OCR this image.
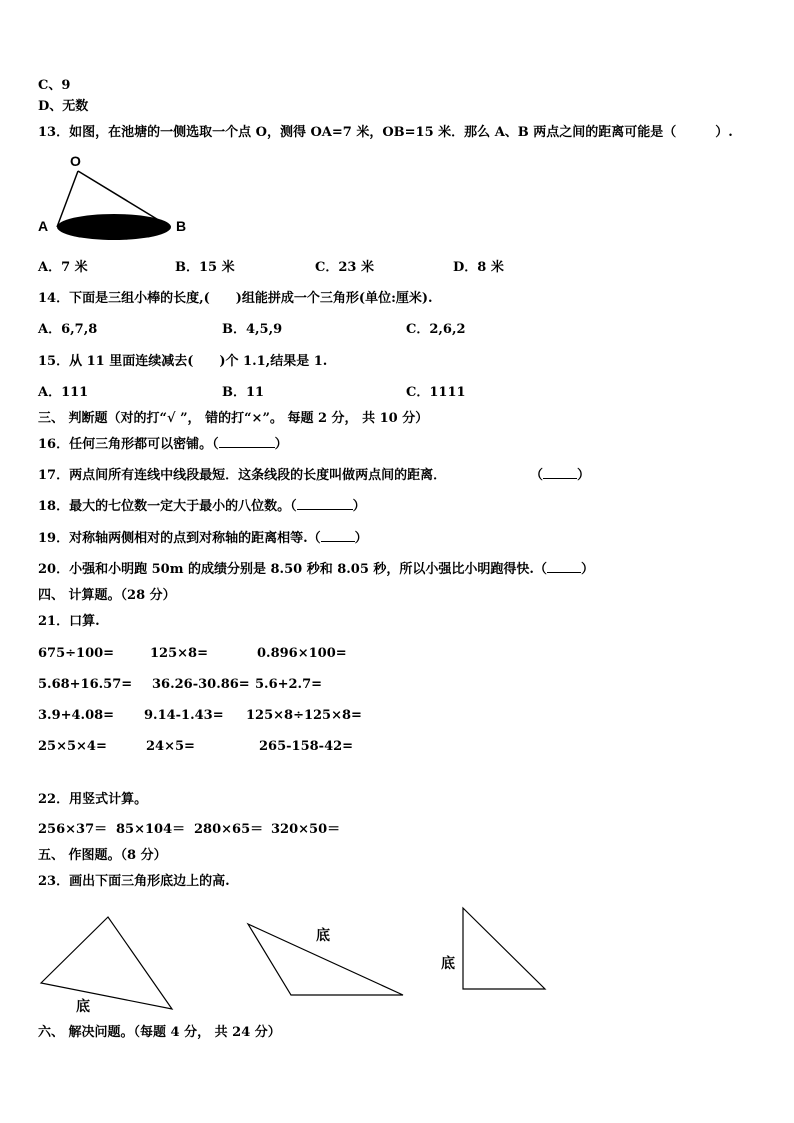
C、9
D、无数
13．如图，在池塘的一侧选取一个点 O，测得 OA=7 米，OB=15 米．那么 A、B 两点之间的距离可能是（　　　）.
O
A	B
A．7 米	B．15 米	C．23 米	D．8 米
14．下面是三组小棒的长度,(　　)组能拼成一个三角形(单位:厘米).
A．6,7,8	B．4,5,9	C．2,6,2
15．从 11 里面连续减去(　　)个 1.1,结果是 1.
A．111	B．11	C．1111
三、 判断题（对的打“√ ”， 错的打“×”。 每题 2 分， 共 10 分）
16．任何三角形都可以密铺。（	）
17．两点间所有连线中线段最短．这条线段的长度叫做两点间的距离．	（	）
18．最大的七位数一定大于最小的八位数。（	）
19．对称轴两侧相对的点到对称轴的距离相等.（	）
20．小强和小明跑 50m 的成绩分别是 8.50 秒和 8.05 秒，所以小强比小明跑得快.（	）
四、 计算题。（28 分）
21．口算.
675÷100=	125×8=	0.896×100=
5.68+16.57= 36.26-30.86= 5.6+2.7=
3.9+4.08= 9.14-1.43= 125×8÷125×8=
25×5×4=	24×5=	265-158-42=
22．用竖式计算。
256×37＝ 85×104＝ 280×65＝ 320×50＝
五、 作图题。（8 分）
23．画出下面三角形底边上的高.
底
底
底
六、 解决问题。（每题 4 分， 共 24 分）
